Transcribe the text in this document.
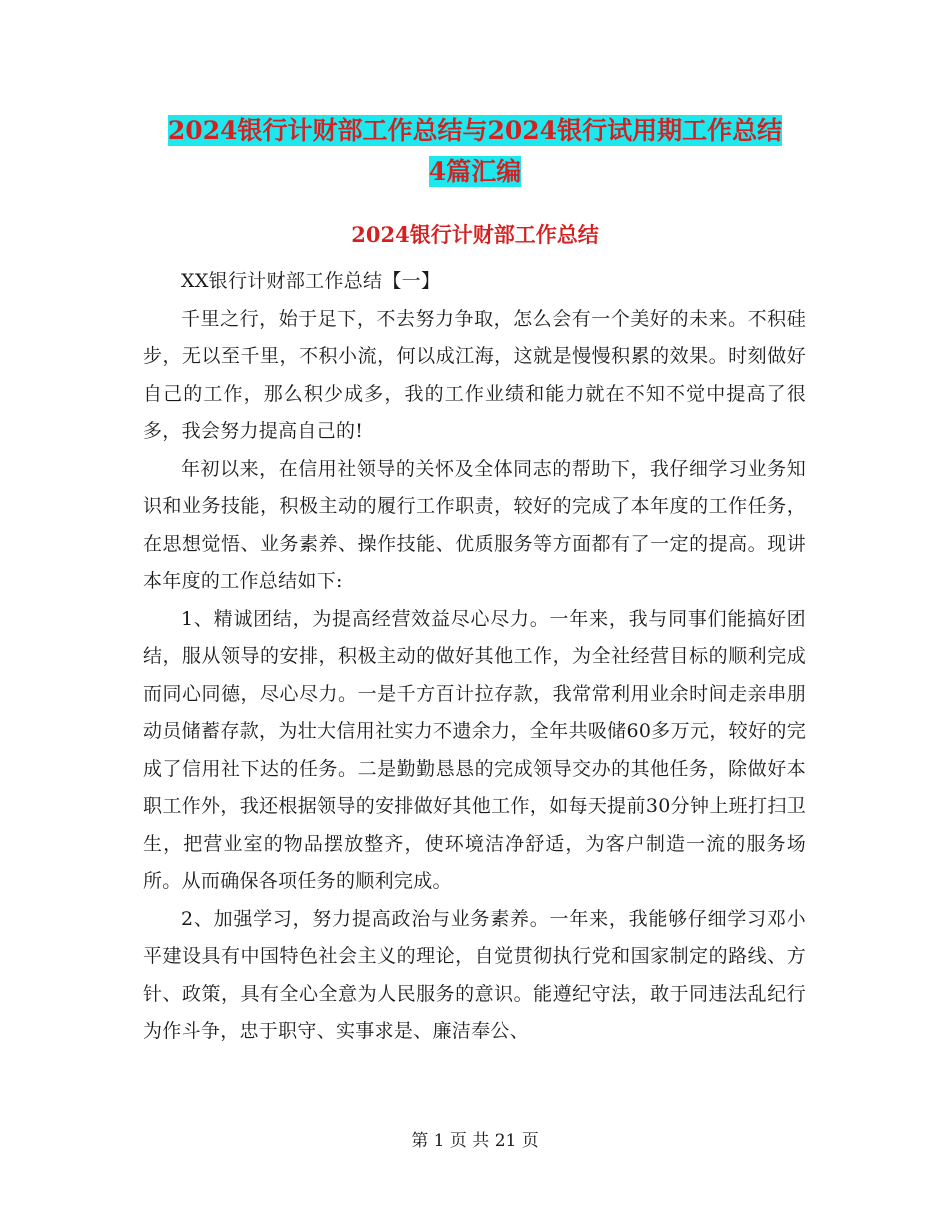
2024银行计财部工作总结与2024银行试用期工作总结
4篇汇编
2024银行计财部工作总结

XX银行计财部工作总结【一】

千里之行，始于足下，不去努力争取，怎么会有一个美好的未来。不积硅步，无以至千里，不积小流，何以成江海，这就是慢慢积累的效果。时刻做好自己的工作，那么积少成多，我的工作业绩和能力就在不知不觉中提高了很多，我会努力提高自己的!

年初以来，在信用社领导的关怀及全体同志的帮助下，我仔细学习业务知识和业务技能，积极主动的履行工作职责，较好的完成了本年度的工作任务，在思想觉悟、业务素养、操作技能、优质服务等方面都有了一定的提高。现讲本年度的工作总结如下:

1、精诚团结，为提高经营效益尽心尽力。一年来，我与同事们能搞好团结，服从领导的安排，积极主动的做好其他工作，为全社经营目标的顺利完成而同心同德，尽心尽力。一是千方百计拉存款，我常常利用业余时间走亲串朋动员储蓄存款，为壮大信用社实力不遗余力，全年共吸储60多万元，较好的完成了信用社下达的任务。二是勤勤恳恳的完成领导交办的其他任务，除做好本职工作外，我还根据领导的安排做好其他工作，如每天提前30分钟上班打扫卫生，把营业室的物品摆放整齐，使环境洁净舒适，为客户制造一流的服务场所。从而确保各项任务的顺利完成。

2、加强学习，努力提高政治与业务素养。一年来，我能够仔细学习邓小平建设具有中国特色社会主义的理论，自觉贯彻执行党和国家制定的路线、方针、政策，具有全心全意为人民服务的意识。能遵纪守法，敢于同违法乱纪行为作斗争，忠于职守、实事求是、廉洁奉公、

第 1 页 共 21 页
